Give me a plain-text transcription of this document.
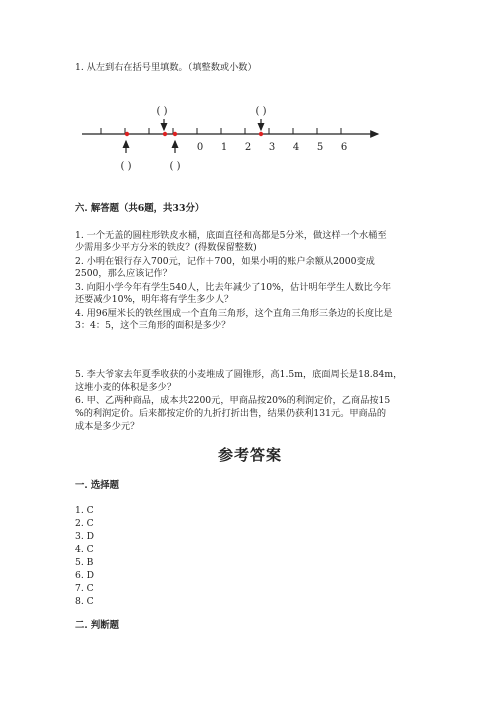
1. 从左到右在括号里填数。（填整数或小数）
0 1 2 3 4 5 6
( )	( )
( )	( )
六. 解答题（共6题，共33分）
1. 一个无盖的圆柱形铁皮水桶，底面直径和高都是5分米，做这样一个水桶至
少需用多少平方分米的铁皮？(得数保留整数)
2. 小明在银行存入700元，记作＋700，如果小明的账户余额从2000变成
2500，那么应该记作？
3. 向阳小学今年有学生540人，比去年减少了10%，估计明年学生人数比今年
还要减少10%，明年将有学生多少人？
4. 用96厘米长的铁丝围成一个直角三角形，这个直角三角形三条边的长度比是
3：4：5，这个三角形的面积是多少？
5. 李大爷家去年夏季收获的小麦堆成了圆锥形，高1.5m，底面周长是18.84m，
这堆小麦的体积是多少？
6. 甲、乙两种商品，成本共2200元，甲商品按20%的利润定价，乙商品按15
%的利润定价。后来都按定价的九折打折出售，结果仍获利131元。甲商品的
成本是多少元？
参考答案
一. 选择题
1. C
2. C
3. D
4. C
5. B
6. D
7. C
8. C
二. 判断题
